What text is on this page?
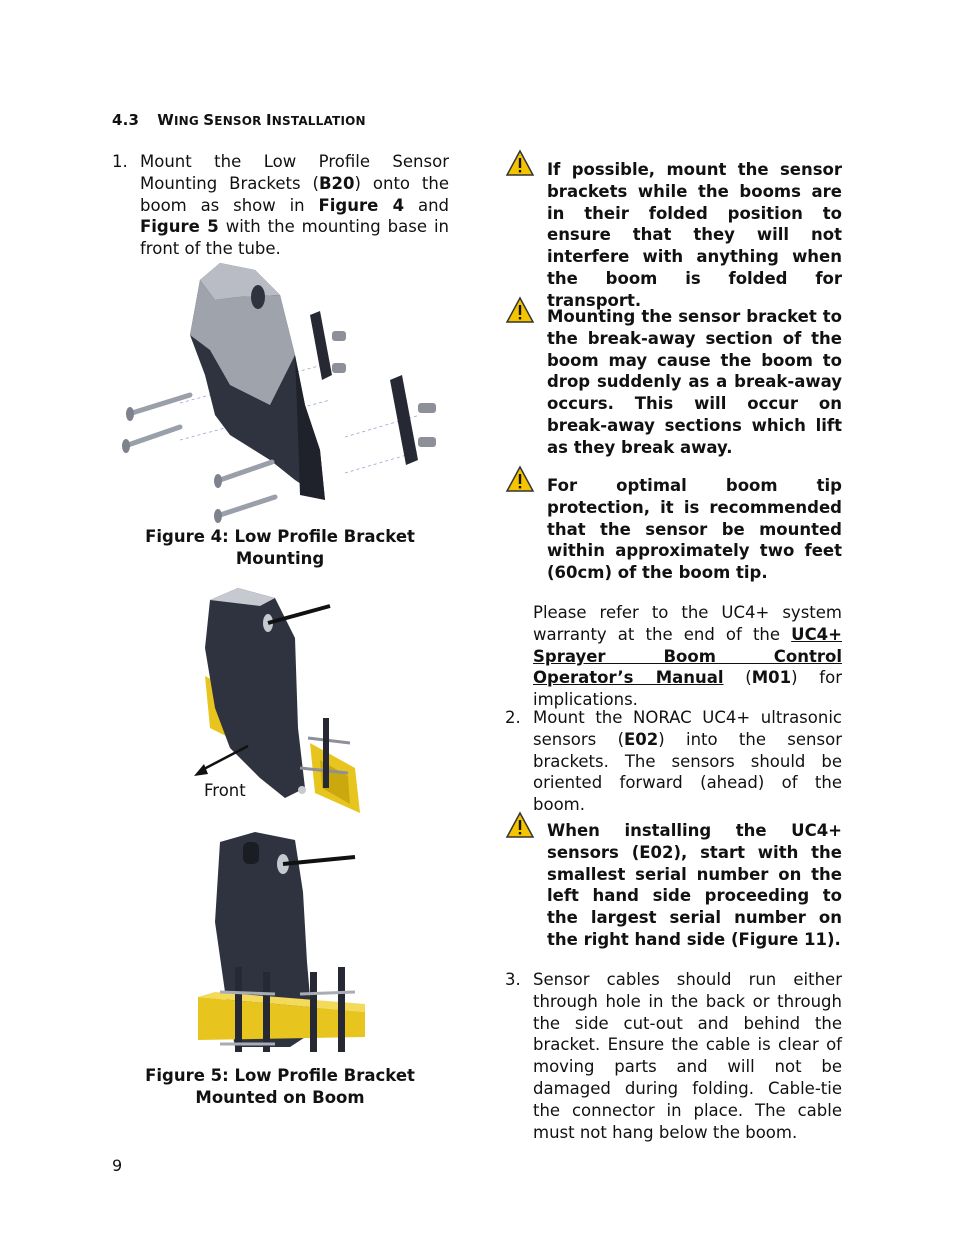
4.3 WING SENSOR INSTALLATION
1. Mount the Low Profile Sensor Mounting Brackets (B20) onto the boom as show in Figure 4 and Figure 5 with the mounting base in front of the tube.
Figure 4: Low Profile Bracket
Mounting
Front
Figure 5: Low Profile Bracket
Mounted on Boom
If possible, mount the sensor brackets while the booms are in their folded position to ensure that they will not interfere with anything when the boom is folded for transport.
Mounting the sensor bracket to the break-away section of the boom may cause the boom to drop suddenly as a break-away occurs. This will occur on break-away sections which lift as they break away.
For optimal boom tip protection, it is recommended that the sensor be mounted within approximately two feet (60cm) of the boom tip.
Please refer to the UC4+ system warranty at the end of the UC4+ Sprayer Boom Control Operator’s Manual (M01) for implications.
2. Mount the NORAC UC4+ ultrasonic sensors (E02) into the sensor brackets. The sensors should be oriented forward (ahead) of the boom.
When installing the UC4+ sensors (E02), start with the smallest serial number on the left hand side proceeding to the largest serial number on the right hand side (Figure 11).
3. Sensor cables should run either through hole in the back or through the side cut-out and behind the bracket. Ensure the cable is clear of moving parts and will not be damaged during folding. Cable-tie the connector in place. The cable must not hang below the boom.
9
